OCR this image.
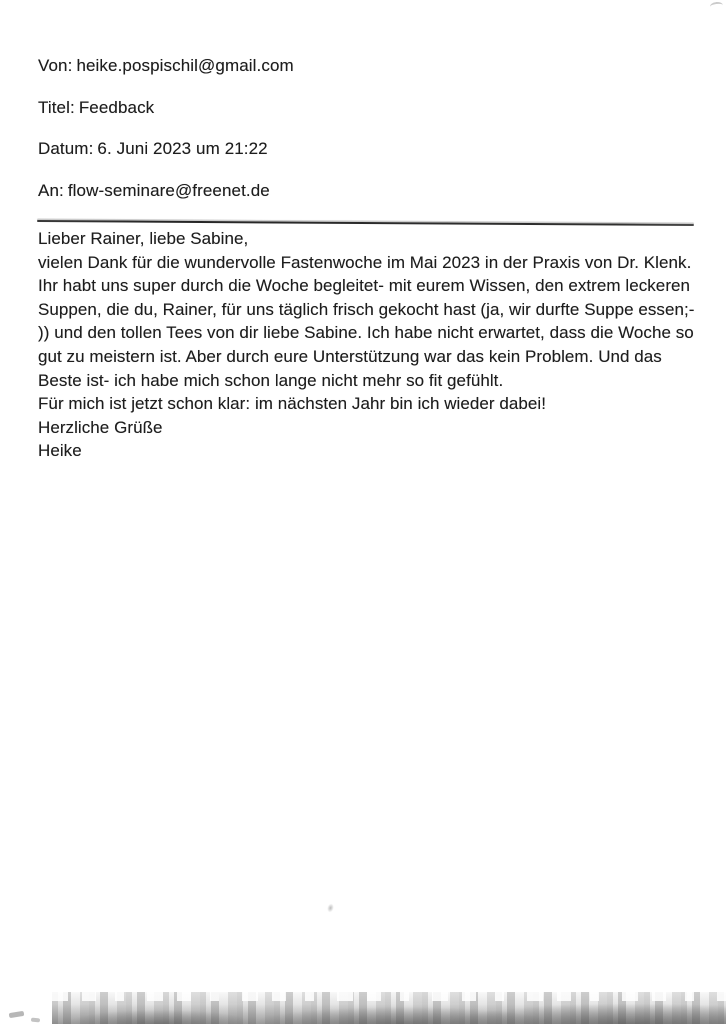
Von: heike.pospischil@gmail.com
Titel: Feedback
Datum: 6. Juni 2023 um 21:22
An: flow-seminare@freenet.de
Lieber Rainer, liebe Sabine,
vielen Dank für die wundervolle Fastenwoche im Mai 2023 in der Praxis von Dr. Klenk.
Ihr habt uns super durch die Woche begleitet- mit eurem Wissen, den extrem leckeren
Suppen, die du, Rainer, für uns täglich frisch gekocht hast (ja, wir durfte Suppe essen;-
)) und den tollen Tees von dir liebe Sabine. Ich habe nicht erwartet, dass die Woche so
gut zu meistern ist. Aber durch eure Unterstützung war das kein Problem. Und das
Beste ist- ich habe mich schon lange nicht mehr so fit gefühlt.
Für mich ist jetzt schon klar: im nächsten Jahr bin ich wieder dabei!
Herzliche Grüße
Heike
